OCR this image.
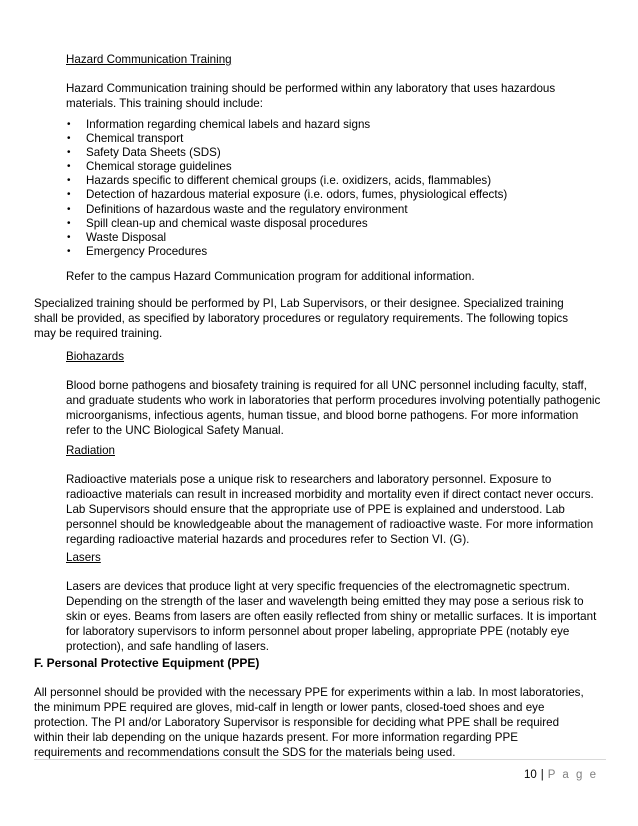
Hazard Communication Training

Hazard Communication training should be performed within any laboratory that uses hazardous

materials. This training should include:

• Information regarding chemical labels and hazard signs
• Chemical transport
• Safety Data Sheets (SDS)
• Chemical storage guidelines
• Hazards specific to different chemical groups (i.e. oxidizers, acids, flammables)
• Detection of hazardous material exposure (i.e. odors, fumes, physiological effects)
• Definitions of hazardous waste and the regulatory environment
• Spill clean-up and chemical waste disposal procedures
• Waste Disposal
• Emergency Procedures

Refer to the campus Hazard Communication program for additional information.

Specialized training should be performed by PI, Lab Supervisors, or their designee. Specialized training

shall be provided, as specified by laboratory procedures or regulatory requirements. The following topics

may be required training.

Biohazards

Blood borne pathogens and biosafety training is required for all UNC personnel including faculty, staff,

and graduate students who work in laboratories that perform procedures involving potentially pathogenic

microorganisms, infectious agents, human tissue, and blood borne pathogens. For more information

refer to the UNC Biological Safety Manual.

Radiation

Radioactive materials pose a unique risk to researchers and laboratory personnel. Exposure to

radioactive materials can result in increased morbidity and mortality even if direct contact never occurs.

Lab Supervisors should ensure that the appropriate use of PPE is explained and understood. Lab

personnel should be knowledgeable about the management of radioactive waste. For more information

regarding radioactive material hazards and procedures refer to Section VI. (G).

Lasers

Lasers are devices that produce light at very specific frequencies of the electromagnetic spectrum.

Depending on the strength of the laser and wavelength being emitted they may pose a serious risk to

skin or eyes. Beams from lasers are often easily reflected from shiny or metallic surfaces. It is important

for laboratory supervisors to inform personnel about proper labeling, appropriate PPE (notably eye

protection), and safe handling of lasers.

F. Personal Protective Equipment (PPE)

All personnel should be provided with the necessary PPE for experiments within a lab. In most laboratories,

the minimum PPE required are gloves, mid-calf in length or lower pants, closed-toed shoes and eye

protection. The PI and/or Laboratory Supervisor is responsible for deciding what PPE shall be required

within their lab depending on the unique hazards present. For more information regarding PPE

requirements and recommendations consult the SDS for the materials being used.

10 | P a g e
